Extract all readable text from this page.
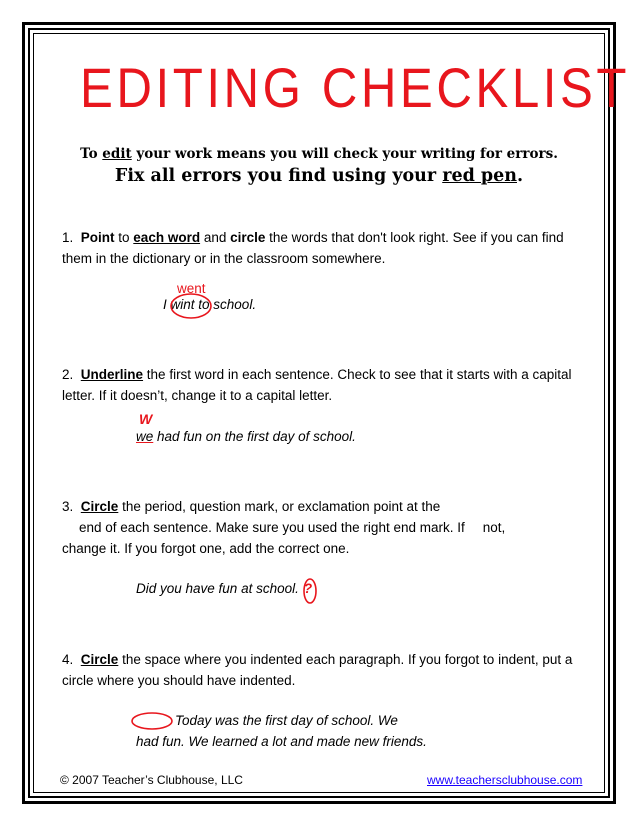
EDITING CHECKLIST
To edit your work means you will check your writing for errors.
Fix all errors you find using your red pen.
1. Point to each word and circle the words that don't look right. See if you can find them in the dictionary or in the classroom somewhere.
went
I wint to school.
2. Underline the first word in each sentence. Check to see that it starts with a capital letter. If it doesn’t, change it to a capital letter.
W
we had fun on the first day of school.
3. Circle the period, question mark, or exclamation point at the
end of each sentence. Make sure you used the right end mark. If not,
change it. If you forgot one, add the correct one.
Did you have fun at school. ?
4. Circle the space where you indented each paragraph. If you forgot to indent, put a circle where you should have indented.
Today was the first day of school. We
had fun. We learned a lot and made new friends.
© 2007 Teacher’s Clubhouse, LLC	www.teachersclubhouse.com
